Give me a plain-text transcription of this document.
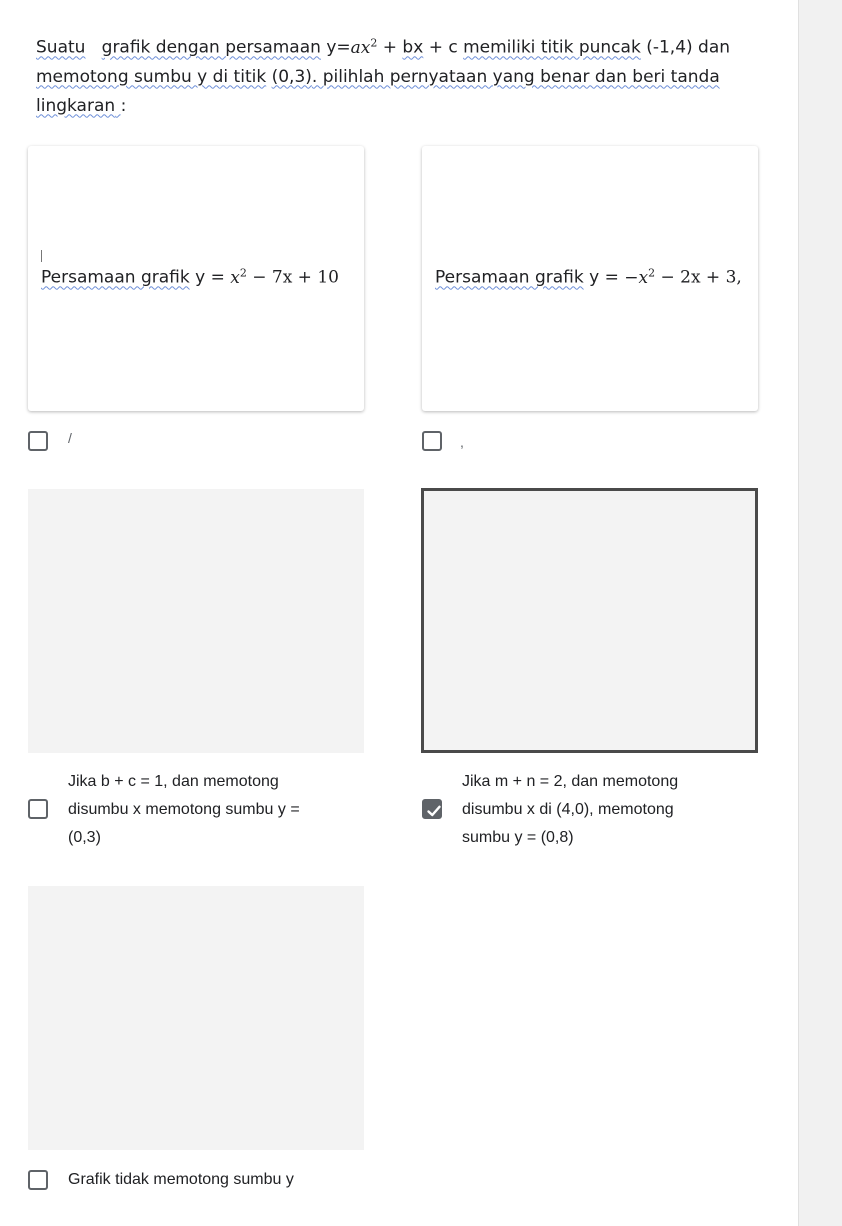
Suatu grafik dengan persamaan $y=ax^2$ + bx + c memiliki titik puncak (-1,4) dan
memotong sumbu y di titik (0,3). pilihlah pernyataan yang benar dan beri tanda
lingkaran :
Persamaan grafik $y = x^2 - 7x + 10$
/
Persamaan grafik $y = -x^2 - 2x + 3$,
,
Jika b + c = 1, dan memotong
disumbu x memotong sumbu y =
(0,3)
Jika m + n = 2, dan memotong
disumbu x di (4,0), memotong
sumbu y = (0,8)
Grafik tidak memotong sumbu y
